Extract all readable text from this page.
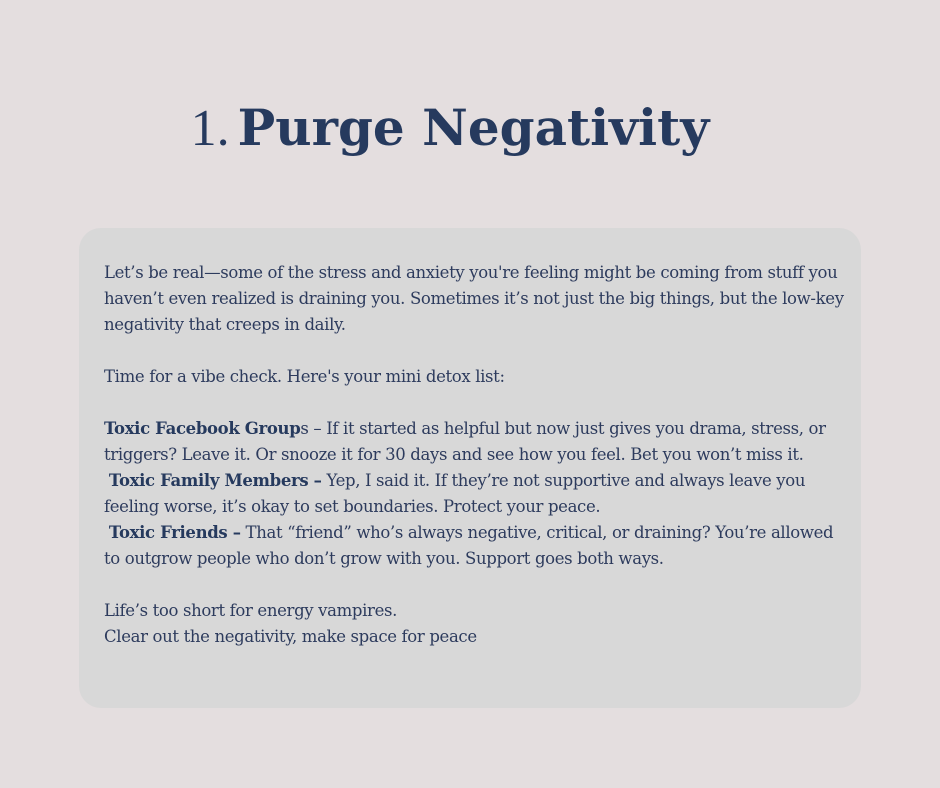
1. Purge Negativity

Let’s be real—some of the stress and anxiety you're feeling might be coming from stuff you haven’t even realized is draining you. Sometimes it’s not just the big things, but the low-key negativity that creeps in daily.

Time for a vibe check. Here's your mini detox list:

Toxic Facebook Groups – If it started as helpful but now just gives you drama, stress, or triggers? Leave it. Or snooze it for 30 days and see how you feel. Bet you won’t miss it.

Toxic Family Members – Yep, I said it. If they’re not supportive and always leave you feeling worse, it’s okay to set boundaries. Protect your peace.

Toxic Friends – That “friend” who’s always negative, critical, or draining? You’re allowed to outgrow people who don’t grow with you. Support goes both ways.

Life’s too short for energy vampires.

Clear out the negativity, make space for peace
